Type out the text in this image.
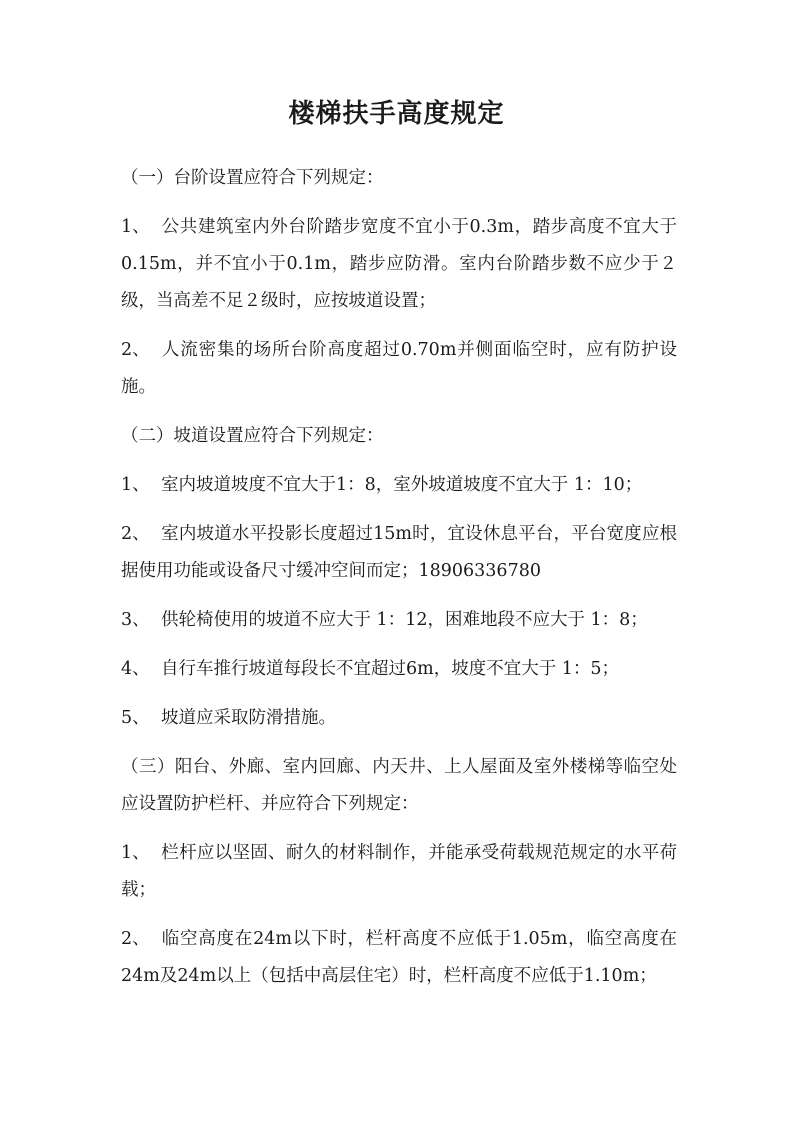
楼梯扶手高度规定

（一）台阶设置应符合下列规定：

1、 公共建筑室内外台阶踏步宽度不宜小于0.3m，踏步高度不宜大于0.15m，并不宜小于0.1m，踏步应防滑。室内台阶踏步数不应少于２级，当高差不足２级时，应按坡道设置；

2、 人流密集的场所台阶高度超过0.70m并侧面临空时，应有防护设施。

（二）坡道设置应符合下列规定：

1、 室内坡道坡度不宜大于1：8，室外坡道坡度不宜大于 1：10；

2、 室内坡道水平投影长度超过15m时，宜设休息平台，平台宽度应根据使用功能或设备尺寸缓冲空间而定；18906336780

3、 供轮椅使用的坡道不应大于 1：12，困难地段不应大于 1：8；

4、 自行车推行坡道每段长不宜超过6m，坡度不宜大于 1：5；

5、 坡道应采取防滑措施。

（三）阳台、外廊、室内回廊、内天井、上人屋面及室外楼梯等临空处应设置防护栏杆、并应符合下列规定：

1、 栏杆应以坚固、耐久的材料制作，并能承受荷载规范规定的水平荷载；

2、 临空高度在24m以下时，栏杆高度不应低于1.05m，临空高度在24m及24m以上（包括中高层住宅）时，栏杆高度不应低于1.10m；
